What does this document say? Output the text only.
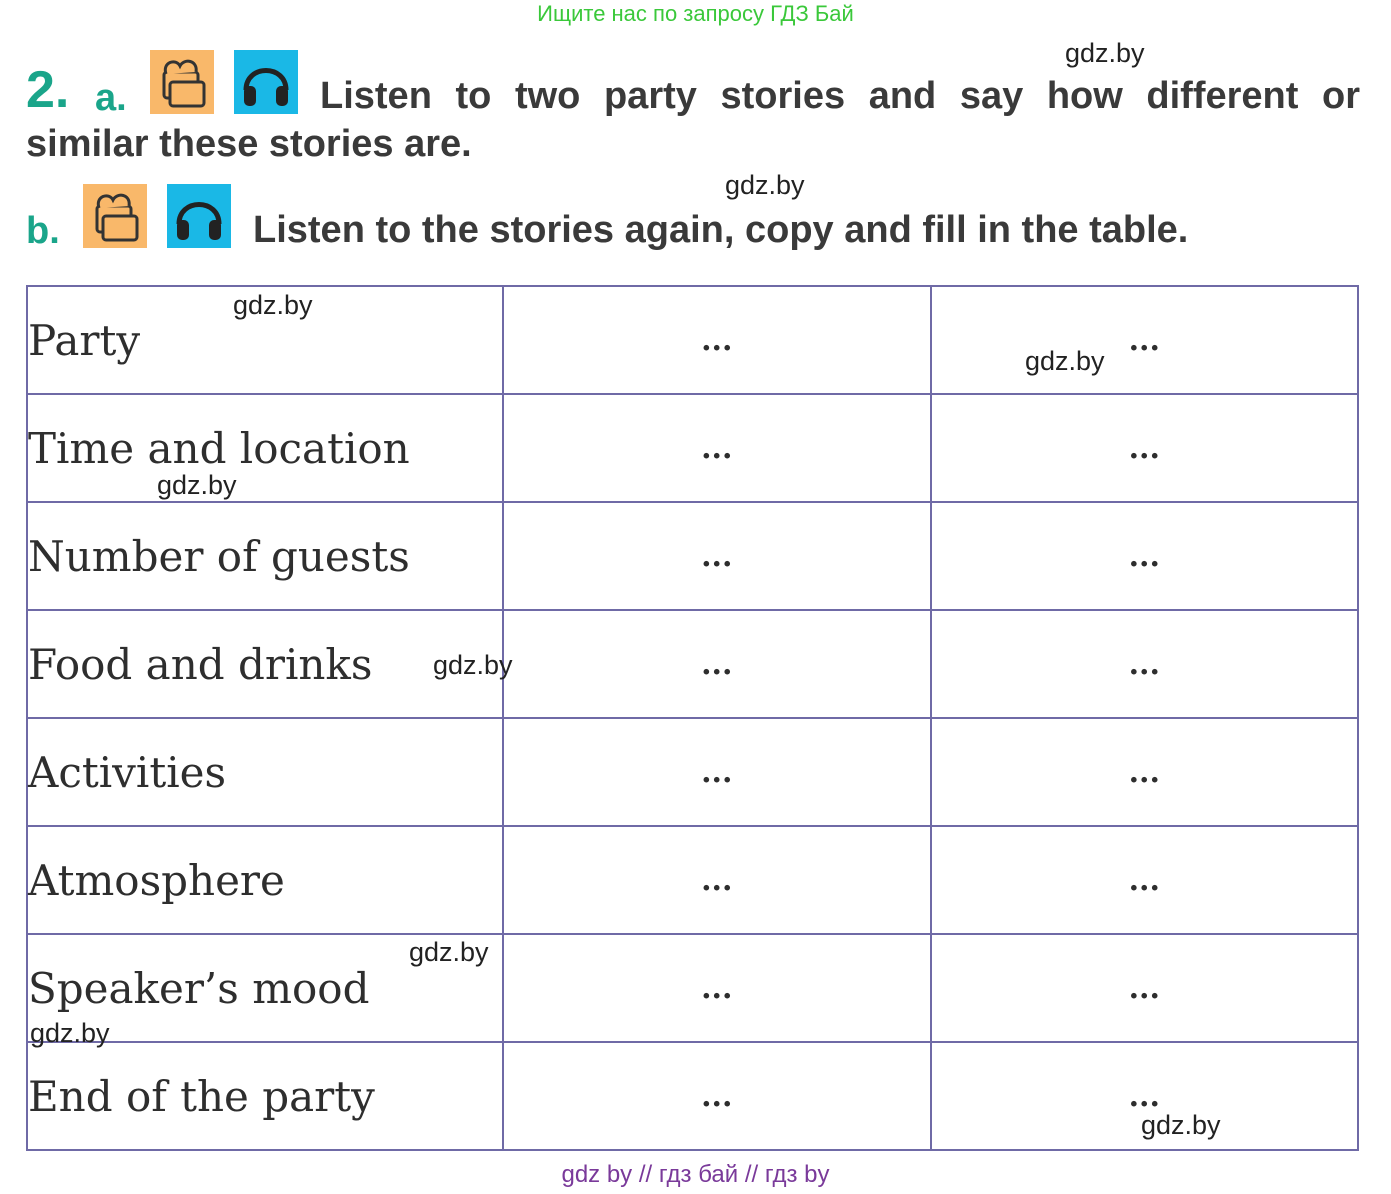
Ищите нас по запросу ГДЗ Бай
2. a.	Listen to two party stories and say how different or
similar these stories are.
b.	Listen to the stories again, copy and fill in the table.
Party	...	...
Time and location	...	...
Number of guests	...	...
Food and drinks	...	...
Activities	...	...
Atmosphere	...	...
Speaker’s mood	...	...
End of the party	...	...
gdz.by
gdz.by
gdz.by
gdz.by
gdz.by
gdz.by
gdz.by
gdz.by
gdz.by
gdz by // гдз бай // гдз by
